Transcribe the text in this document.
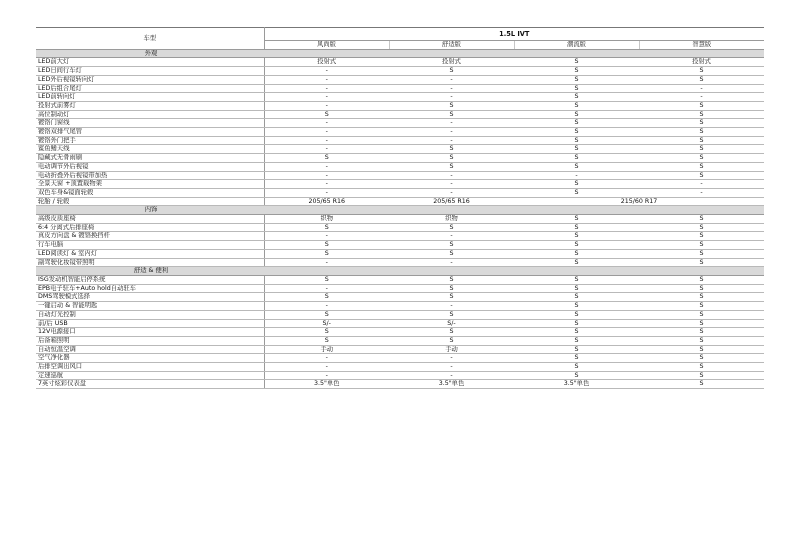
车型	1.5L IVT			
	风尚版	舒适版	潮流版	智慧版
外观				
LED前大灯	投射式	投射式	S	投射式
LED日间行车灯	-	S	S	S
LED外后视镜转向灯	-	-	S	S
LED后组合尾灯	-	-	S	-
LED前转向灯	-	-	S	-
投射式前雾灯	-	S	S	S
高位制动灯	S	S	S	S
镀铬门窗线	-	-	S	S
镀铬双排气尾管	-	-	S	S
镀铬外门把手	-	-	S	S
鲨鱼鳍天线	-	S	S	S
隐藏式无骨雨刷	S	S	S	S
电动调节外后视镜	-	S	S	S
电动折叠外后视镜带加热	-	-	-	S
全景天窗 +顶置载物架	-	-	S	-
双色车身&镜面轮毂	-	-	S	-
轮胎 / 轮毂	205/65 R16	205/65 R16	215/60 R17	
内饰				
高级皮质座椅	织物	织物	S	S
6:4 分离式后排座椅	S	S	S	S
真皮方向盘 & 镀铬换挡杆	-	-	S	S
行车电脑	S	S	S	S
LED阅读灯 & 室内灯	S	S	S	S
副驾驶化妆镜带照明	-	-	S	S
舒适 & 便利				
ISG发动机智能启停系统	S	S	S	S
EPB电子驻车+Auto hold自动驻车	-	S	S	S
DMS驾驶模式选择	S	S	S	S
一键启动 & 智能明匙	-	-	S	S
自动灯光控制	S	S	S	S
前/后 USB	S/-	S/-	S	S
12V电源接口	S	S	S	S
后备箱照明	S	S	S	S
自动恒温空调	手动	手动	S	S
空气净化器	-	-	S	S
后排空调出风口	-	-	S	S
定速巡航	-	-	S	S
7英寸炫彩仪表盘	3.5"单色	3.5"单色	3.5"单色	S
